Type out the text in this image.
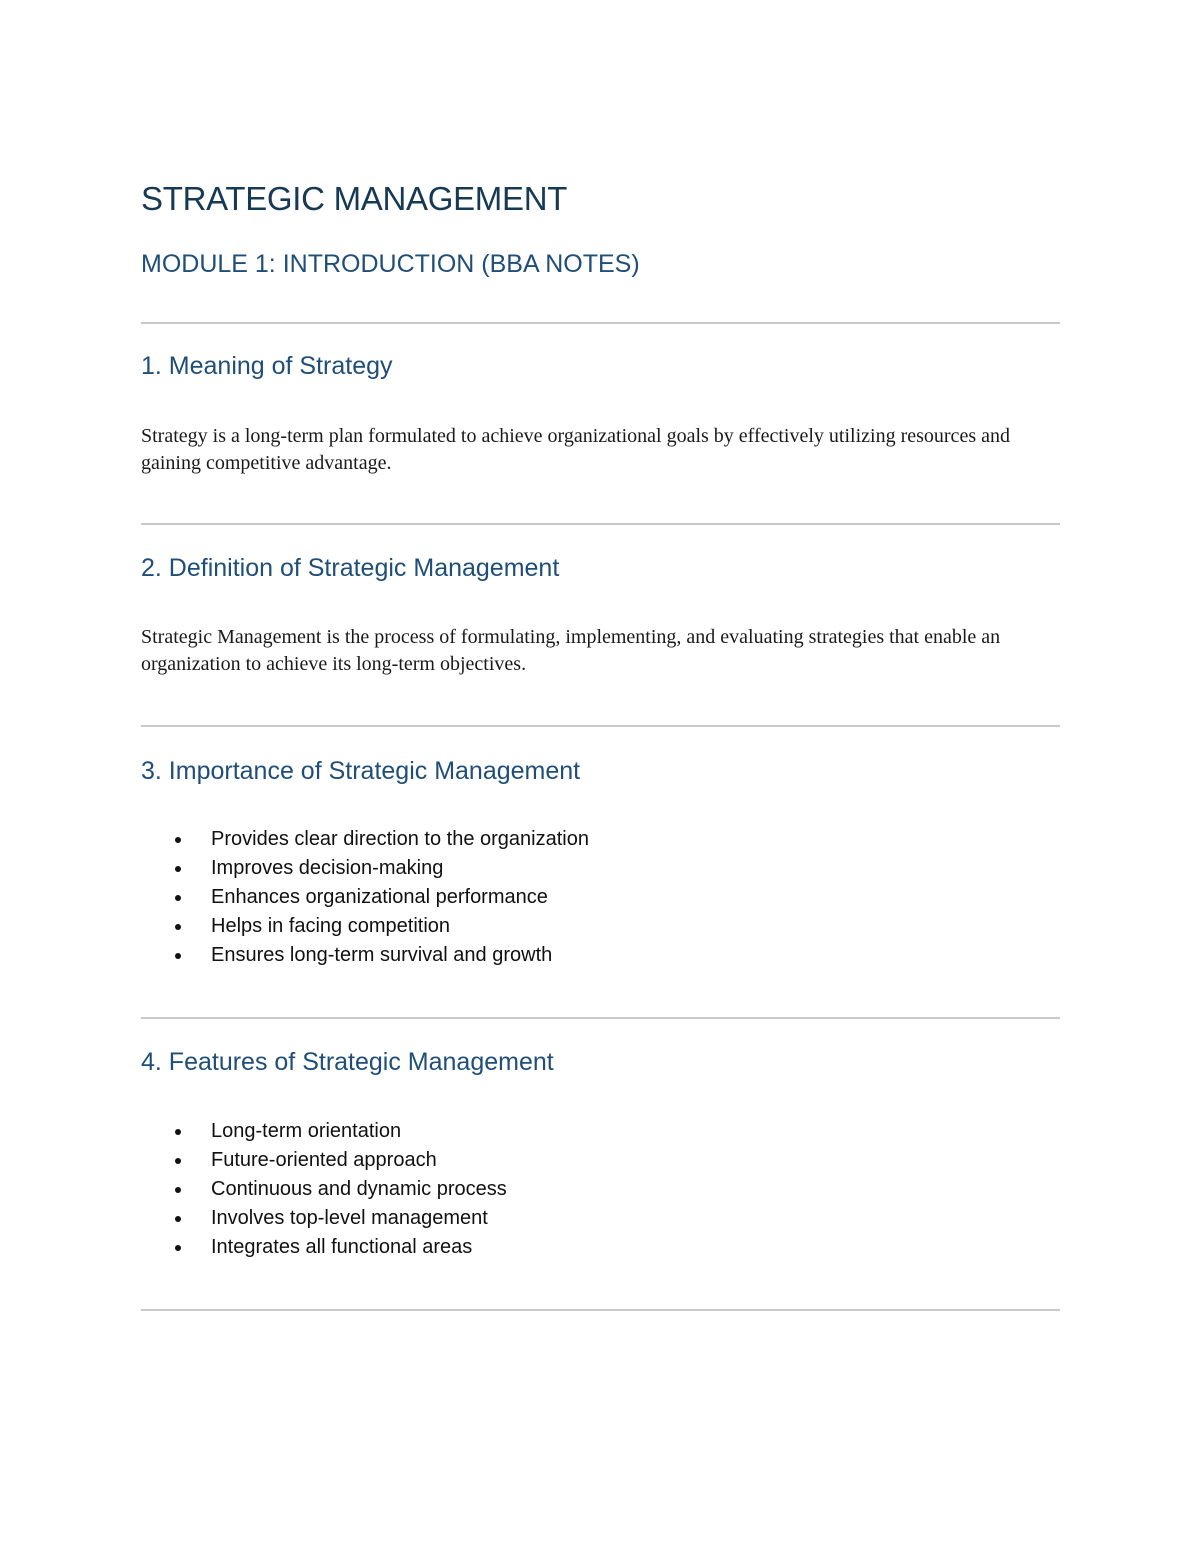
STRATEGIC MANAGEMENT
MODULE 1: INTRODUCTION (BBA NOTES)
1. Meaning of Strategy

Strategy is a long-term plan formulated to achieve organizational goals by effectively utilizing resources and gaining competitive advantage.

2. Definition of Strategic Management

Strategic Management is the process of formulating, implementing, and evaluating strategies that enable an organization to achieve its long-term objectives.

3. Importance of Strategic Management
Provides clear direction to the organization
Improves decision-making
Enhances organizational performance
Helps in facing competition
Ensures long-term survival and growth
4. Features of Strategic Management
Long-term orientation
Future-oriented approach
Continuous and dynamic process
Involves top-level management
Integrates all functional areas
